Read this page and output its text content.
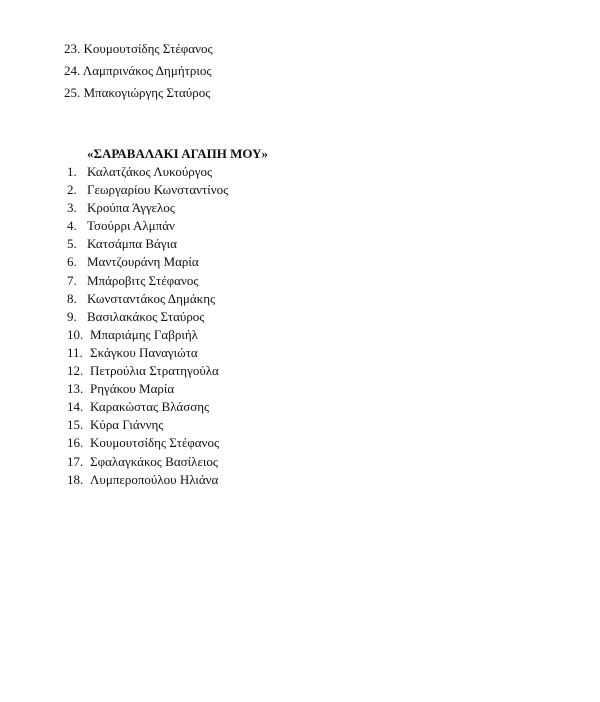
23. Κουμουτσίδης Στέφανος
24. Λαμπρινάκος Δημήτριος
25. Μπακογιώργης Σταύρος
«ΣΑΡΑΒΑΛΑΚΙ ΑΓΑΠΗ ΜΟΥ»
1. Καλατζάκος Λυκούργος
2. Γεωργαρίου Κωνσταντίνος
3. Κρούπα Άγγελος
4. Τσούρρι Αλμπάν
5. Κατσάμπα Βάγια
6. Μαντζουράνη Μαρία
7. Μπάροβιτς Στέφανος
8. Κωνσταντάκος Δημάκης
9. Βασιλακάκος Σταύρος
10. Μπαριάμης Γαβριήλ
11. Σκάγκου Παναγιώτα
12. Πετρούλια Στρατηγούλα
13. Ρηγάκου Μαρία
14. Καρακώστας Βλάσσης
15. Κύρα Γιάννης
16. Κουμουτσίδης Στέφανος
17. Σφαλαγκάκος Βασίλειος
18. Λυμπεροπούλου Ηλιάνα
